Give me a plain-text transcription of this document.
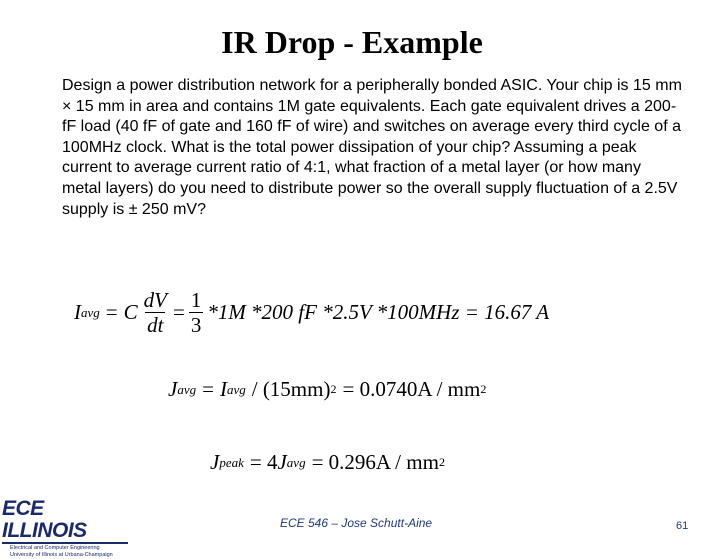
IR Drop - Example

Design a power distribution network for a peripherally bonded ASIC. Your chip is 15 mm × 15 mm in area and contains 1M gate equivalents. Each gate equivalent drives a 200-fF load (40 fF of gate and 160 fF of wire) and switches on average every third cycle of a 100MHz clock. What is the total power dissipation of your chip? Assuming a peak current to average current ratio of 4:1, what fraction of a metal layer (or how many metal layers) do you need to distribute power so the overall supply fluctuation of a 2.5V supply is ± 250 mV?

I avg = C $\frac{dV}{dt} = \frac{1}{3} *1M$ *200 fF *2.5V *100MHz = 16.67 A
J avg = I avg / (15mm) 2 = 0.0740A / mm 2
J peak = 4 J avg = 0.296A / mm 2
ECE ILLINOIS
Electrical and Computer Engineering
University of Illinois at Urbana-Champaign
ECE 546 – Jose Schutt-Aine	61
